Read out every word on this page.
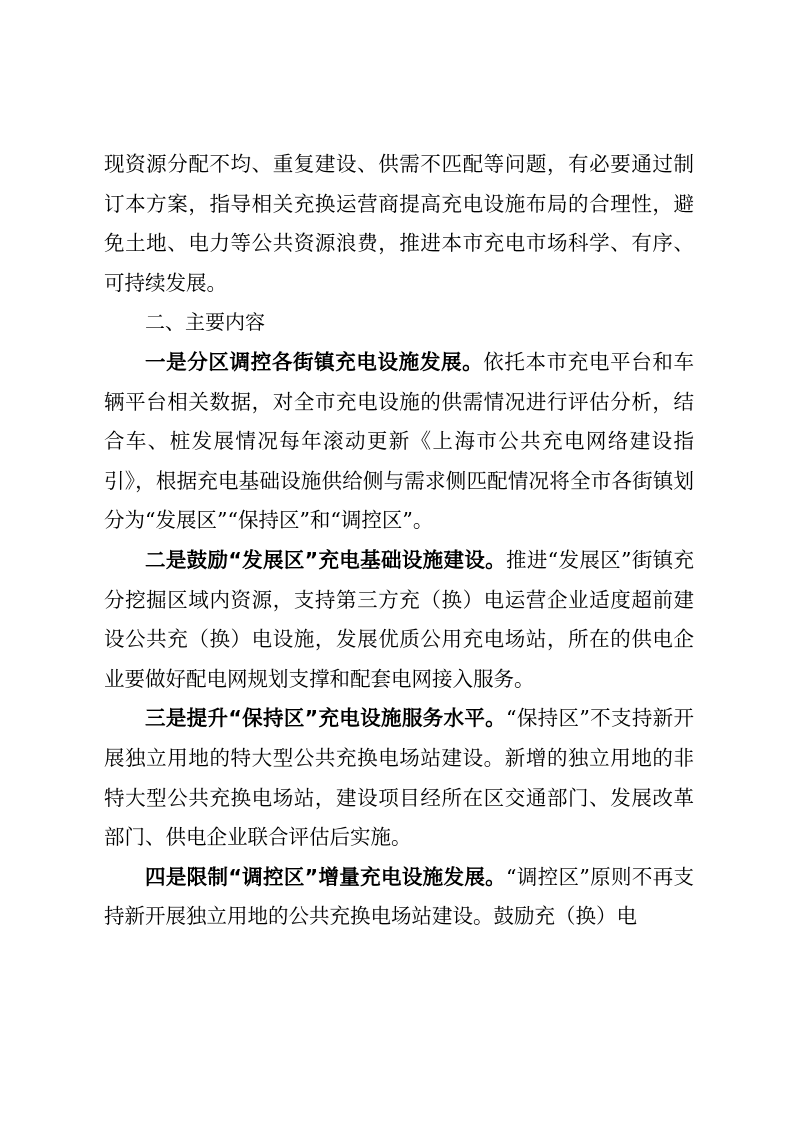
现资源分配不均、重复建设、供需不匹配等问题，有必要通过制订本方案，指导相关充换运营商提高充电设施布局的合理性，避免土地、电力等公共资源浪费，推进本市充电市场科学、有序、可持续发展。

二、主要内容

一是分区调控各街镇充电设施发展。依托本市充电平台和车辆平台相关数据，对全市充电设施的供需情况进行评估分析，结合车、桩发展情况每年滚动更新《上海市公共充电网络建设指引》，根据充电基础设施供给侧与需求侧匹配情况将全市各街镇划分为“发展区”“保持区”和“调控区”。

二是鼓励“发展区”充电基础设施建设。推进“发展区”街镇充分挖掘区域内资源，支持第三方充（换）电运营企业适度超前建设公共充（换）电设施，发展优质公用充电场站，所在的供电企业要做好配电网规划支撑和配套电网接入服务。

三是提升“保持区”充电设施服务水平。“保持区”不支持新开展独立用地的特大型公共充换电场站建设。新增的独立用地的非特大型公共充换电场站，建设项目经所在区交通部门、发展改革部门、供电企业联合评估后实施。

四是限制“调控区”增量充电设施发展。“调控区”原则不再支持新开展独立用地的公共充换电场站建设。鼓励充（换）电
